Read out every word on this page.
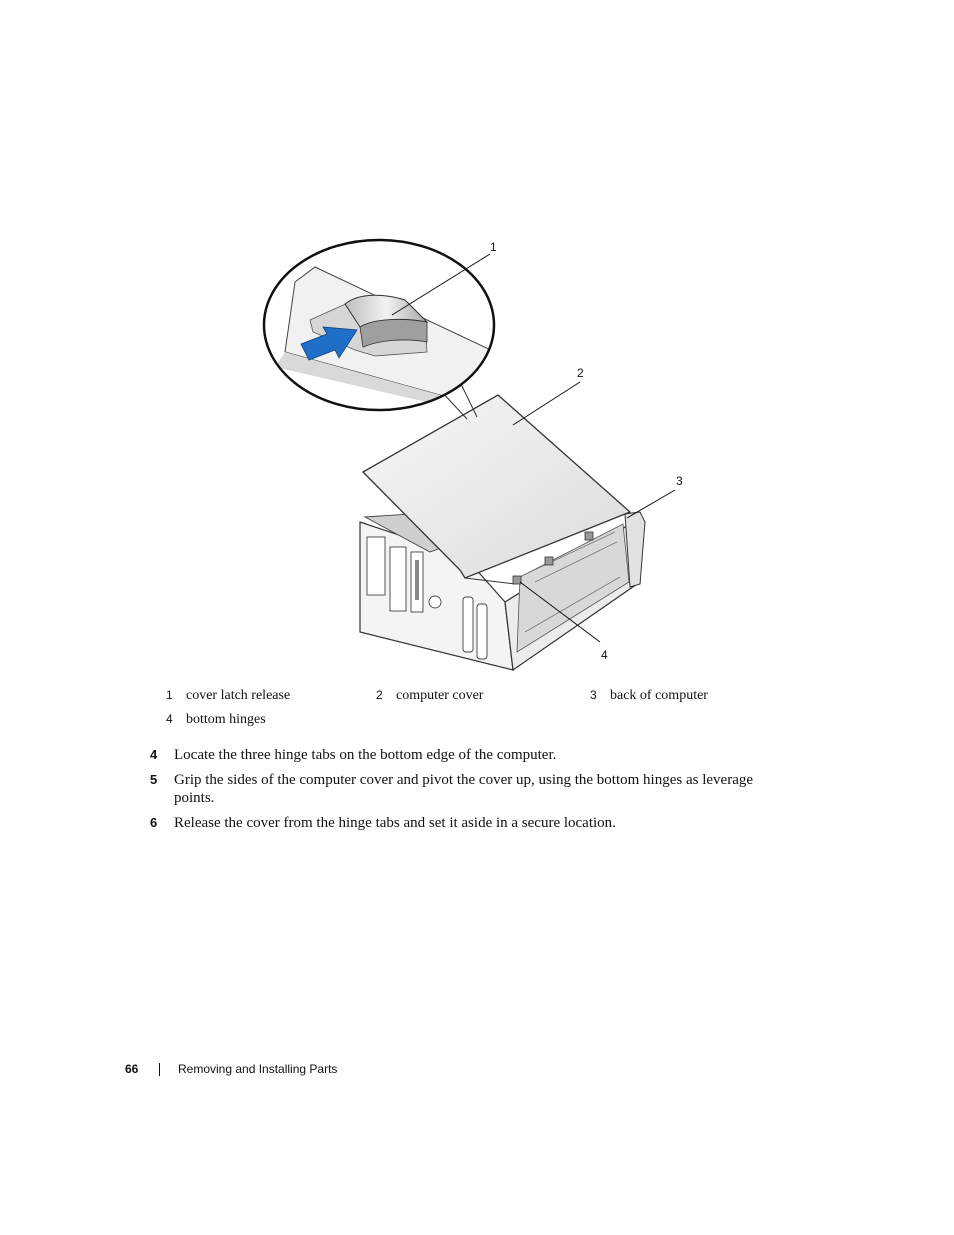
1
2
3
4
1 cover latch release	2 computer cover	3 back of computer
4 bottom hinges
4 Locate the three hinge tabs on the bottom edge of the computer.
5 Grip the sides of the computer cover and pivot the cover up, using the bottom hinges as leverage points.
6 Release the cover from the hinge tabs and set it aside in a secure location.
66	Removing and Installing Parts
